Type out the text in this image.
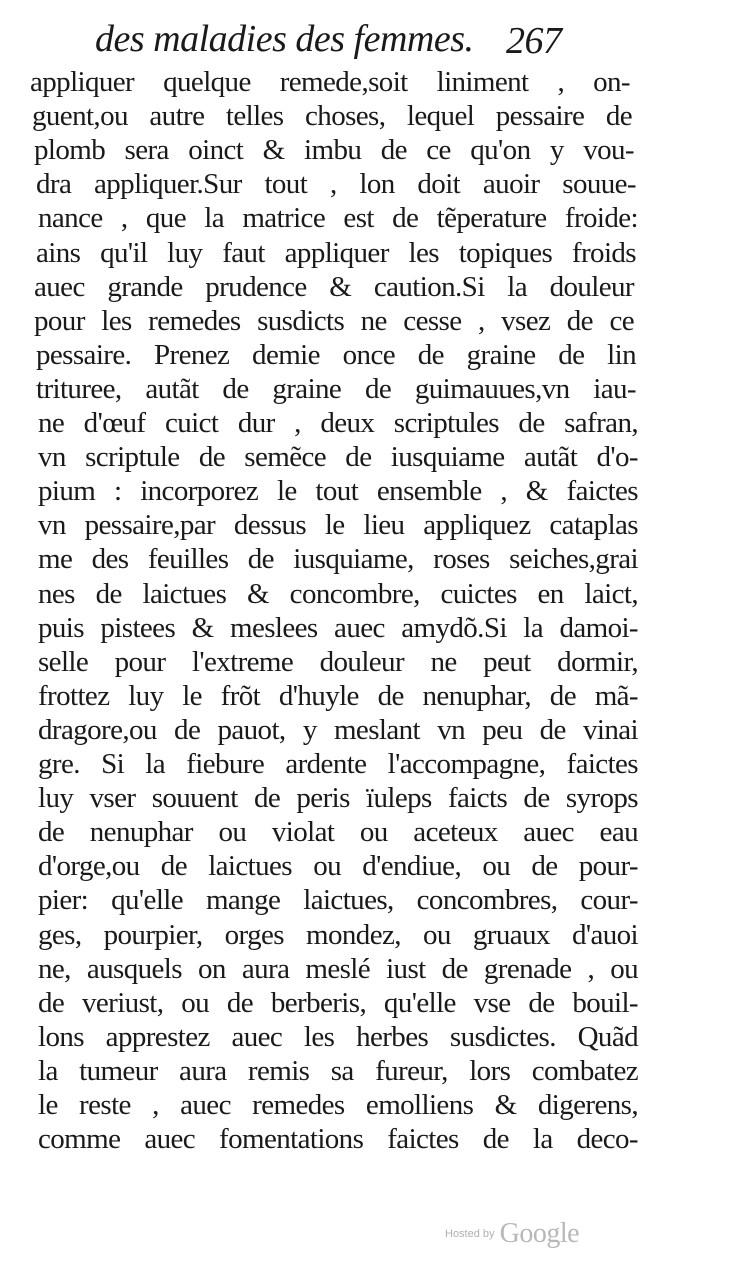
des maladies des femmes. 267
appliquer quelque remede,soit liniment , on-
guent,ou autre telles choses, lequel pessaire de
plomb sera oinct & imbu de ce qu'on y vou-
dra appliquer.Sur tout , lon doit auoir souue-
nance , que la matrice est de tẽperature froide:
ains qu'il luy faut appliquer les topiques froids
auec grande prudence & caution.Si la douleur
pour les remedes susdicts ne cesse , vsez de ce
pessaire. Prenez demie once de graine de lin
trituree, autãt de graine de guimauues,vn iau-
ne d'œuf cuict dur , deux scriptules de safran,
vn scriptule de semẽce de iusquiame autãt d'o-
pium : incorporez le tout ensemble , & faictes
vn pessaire,par dessus le lieu appliquez cataplas
me des feuilles de iusquiame, roses seiches,grai
nes de laictues & concombre, cuictes en laict,
puis pistees & meslees auec amydõ.Si la damoi-
selle pour l'extreme douleur ne peut dormir,
frottez luy le frõt d'huyle de nenuphar, de mã-
dragore,ou de pauot, y meslant vn peu de vinai
gre. Si la fiebure ardente l'accompagne, faictes
luy vser souuent de peris ïuleps faicts de syrops
de nenuphar ou violat ou aceteux auec eau
d'orge,ou de laictues ou d'endiue, ou de pour-
pier: qu'elle mange laictues, concombres, cour-
ges, pourpier, orges mondez, ou gruaux d'auoi
ne, ausquels on aura meslé iust de grenade , ou
de veriust, ou de berberis, qu'elle vse de bouil-
lons apprestez auec les herbes susdictes. Quãd
la tumeur aura remis sa fureur, lors combatez
le reste , auec remedes emolliens & digerens,
comme auec fomentations faictes de la deco-
Hosted by Google
